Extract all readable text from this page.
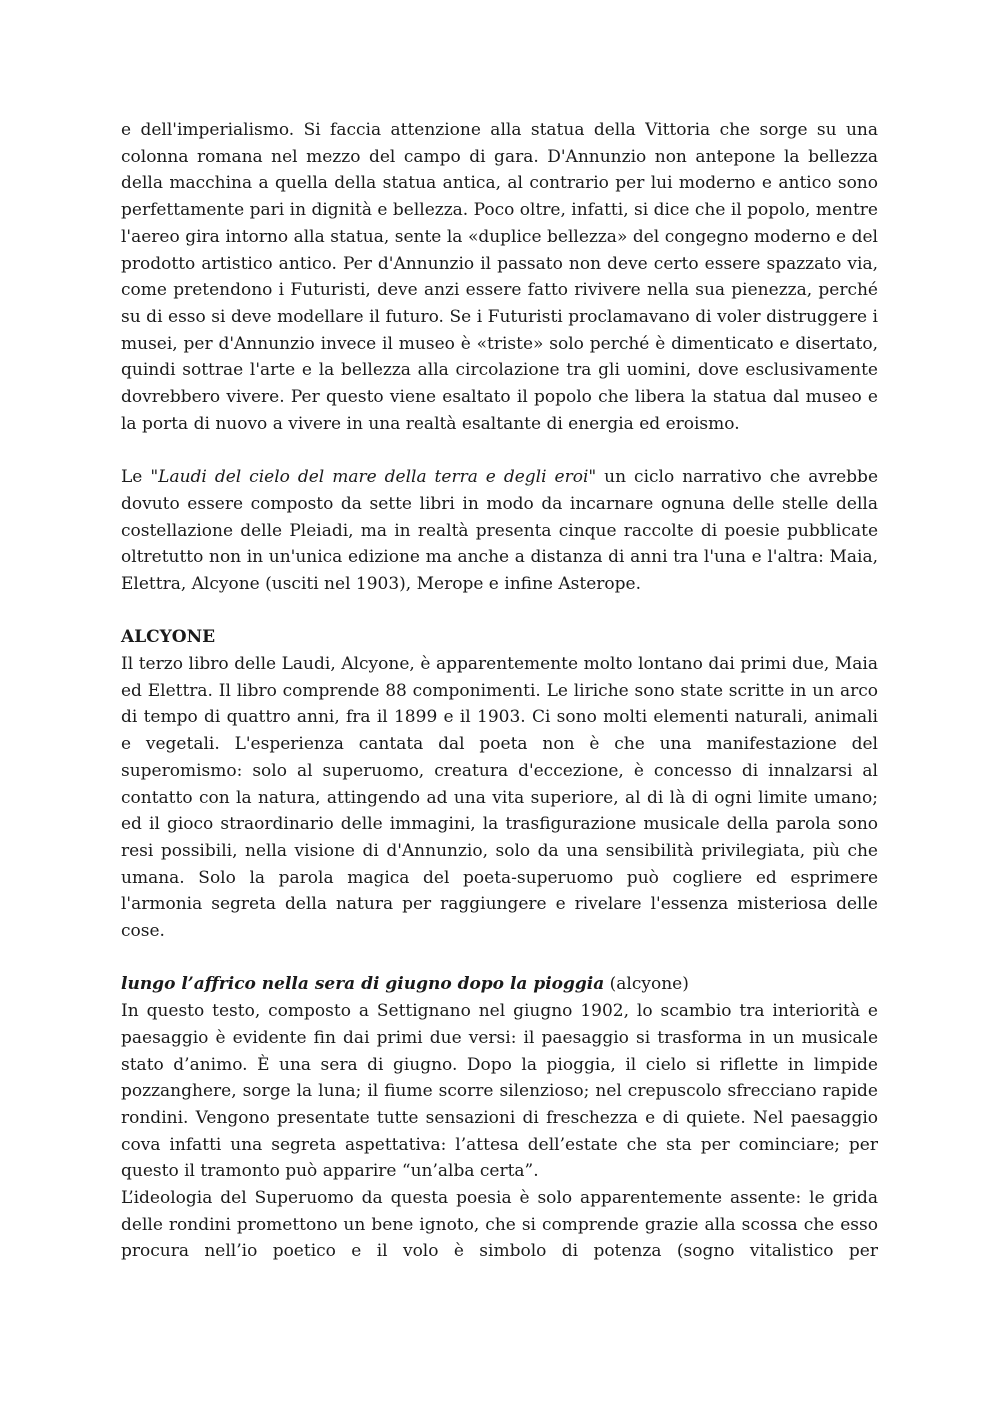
e dell'imperialismo. Si faccia attenzione alla statua della Vittoria che sorge su una colonna romana nel mezzo del campo di gara. D'Annunzio non antepone la bellezza della macchina a quella della statua antica, al contrario per lui moderno e antico sono perfettamente pari in dignità e bellezza. Poco oltre, infatti, si dice che il popolo, mentre l'aereo gira intorno alla statua, sente la «duplice bellezza» del congegno moderno e del prodotto artistico antico. Per d'Annunzio il passato non deve certo essere spazzato via, come pretendono i Futuristi, deve anzi essere fatto rivivere nella sua pienezza, perché su di esso si deve modellare il futuro. Se i Futuristi proclamavano di voler distruggere i musei, per d'Annunzio invece il museo è «triste» solo perché è dimenticato e disertato, quindi sottrae l'arte e la bellezza alla circolazione tra gli uomini, dove esclusivamente dovrebbero vivere. Per questo viene esaltato il popolo che libera la statua dal museo e la porta di nuovo a vivere in una realtà esaltante di energia ed eroismo.

Le "Laudi del cielo del mare della terra e degli eroi" un ciclo narrativo che avrebbe dovuto essere composto da sette libri in modo da incarnare ognuna delle stelle della costellazione delle Pleiadi, ma in realtà presenta cinque raccolte di poesie pubblicate oltretutto non in un'unica edizione ma anche a distanza di anni tra l'una e l'altra: Maia, Elettra, Alcyone (usciti nel 1903), Merope e infine Asterope.

ALCYONE

Il terzo libro delle Laudi, Alcyone, è apparentemente molto lontano dai primi due, Maia ed Elettra. Il libro comprende 88 componimenti. Le liriche sono state scritte in un arco di tempo di quattro anni, fra il 1899 e il 1903. Ci sono molti elementi naturali, animali e vegetali. L'esperienza cantata dal poeta non è che una manifestazione del superomismo: solo al superuomo, creatura d'eccezione, è concesso di innalzarsi al contatto con la natura, attingendo ad una vita superiore, al di là di ogni limite umano; ed il gioco straordinario delle immagini, la trasfigurazione musicale della parola sono resi possibili, nella visione di d'Annunzio, solo da una sensibilità privilegiata, più che umana. Solo la parola magica del poeta-superuomo può cogliere ed esprimere l'armonia segreta della natura per raggiungere e rivelare l'essenza misteriosa delle cose.

lungo l’affrico nella sera di giugno dopo la pioggia (alcyone)

In questo testo, composto a Settignano nel giugno 1902, lo scambio tra interiorità e paesaggio è evidente fin dai primi due versi: il paesaggio si trasforma in un musicale stato d’animo. È una sera di giugno. Dopo la pioggia, il cielo si riflette in limpide pozzanghere, sorge la luna; il fiume scorre silenzioso; nel crepuscolo sfrecciano rapide rondini. Vengono presentate tutte sensazioni di freschezza e di quiete. Nel paesaggio cova infatti una segreta aspettativa: l’attesa dell’estate che sta per cominciare; per questo il tramonto può apparire “un’alba certa”.

L’ideologia del Superuomo da questa poesia è solo apparentemente assente: le grida delle rondini promettono un bene ignoto, che si comprende grazie alla scossa che esso procura nell’io poetico e il volo è simbolo di potenza (sogno vitalistico per
